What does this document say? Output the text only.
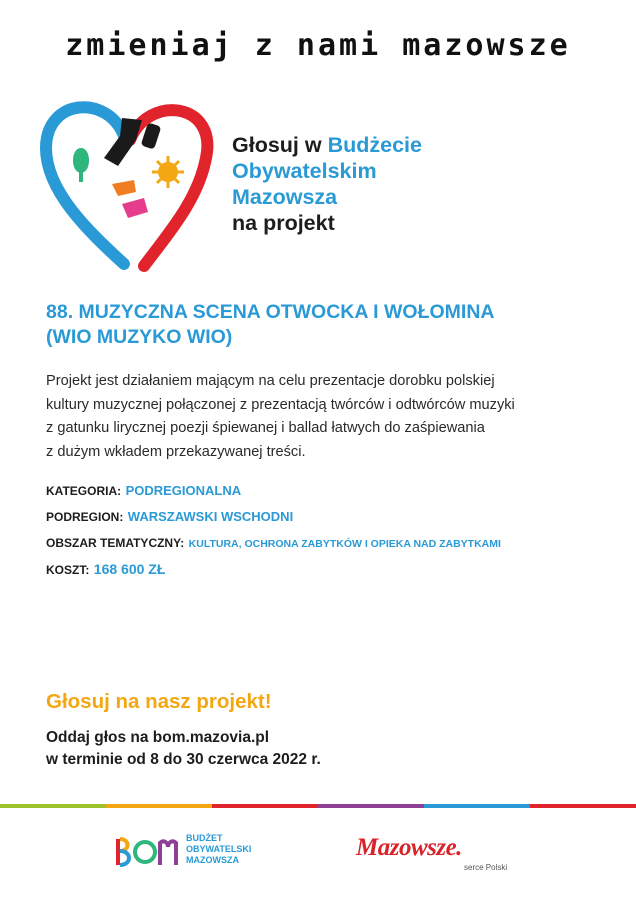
zmieniaj z nami mazowsze
Głosuj w Budżecie
Obywatelskim
Mazowsza
na projekt
88. MUZYCZNA SCENA OTWOCKA I WOŁOMINA
(WIO MUZYKO WIO)
Projekt jest działaniem mającym na celu prezentacje dorobku polskiej
kultury muzycznej połączonej z prezentacją twórców i odtwórców muzyki
z gatunku lirycznej poezji śpiewanej i ballad łatwych do zaśpiewania
z dużym wkładem przekazywanej treści.
KATEGORIA: PODREGIONALNA
PODREGION: WARSZAWSKI WSCHODNI
OBSZAR TEMATYCZNY: KULTURA, OCHRONA ZABYTKÓW I OPIEKA NAD ZABYTKAMI
KOSZT: 168 600 ZŁ
Głosuj na nasz projekt!
Oddaj głos na bom.mazovia.pl
w terminie od 8 do 30 czerwca 2022 r.
BUDŻET
OBYWATELSKI
MAZOWSZA	Mazowsze.
serce Polski
